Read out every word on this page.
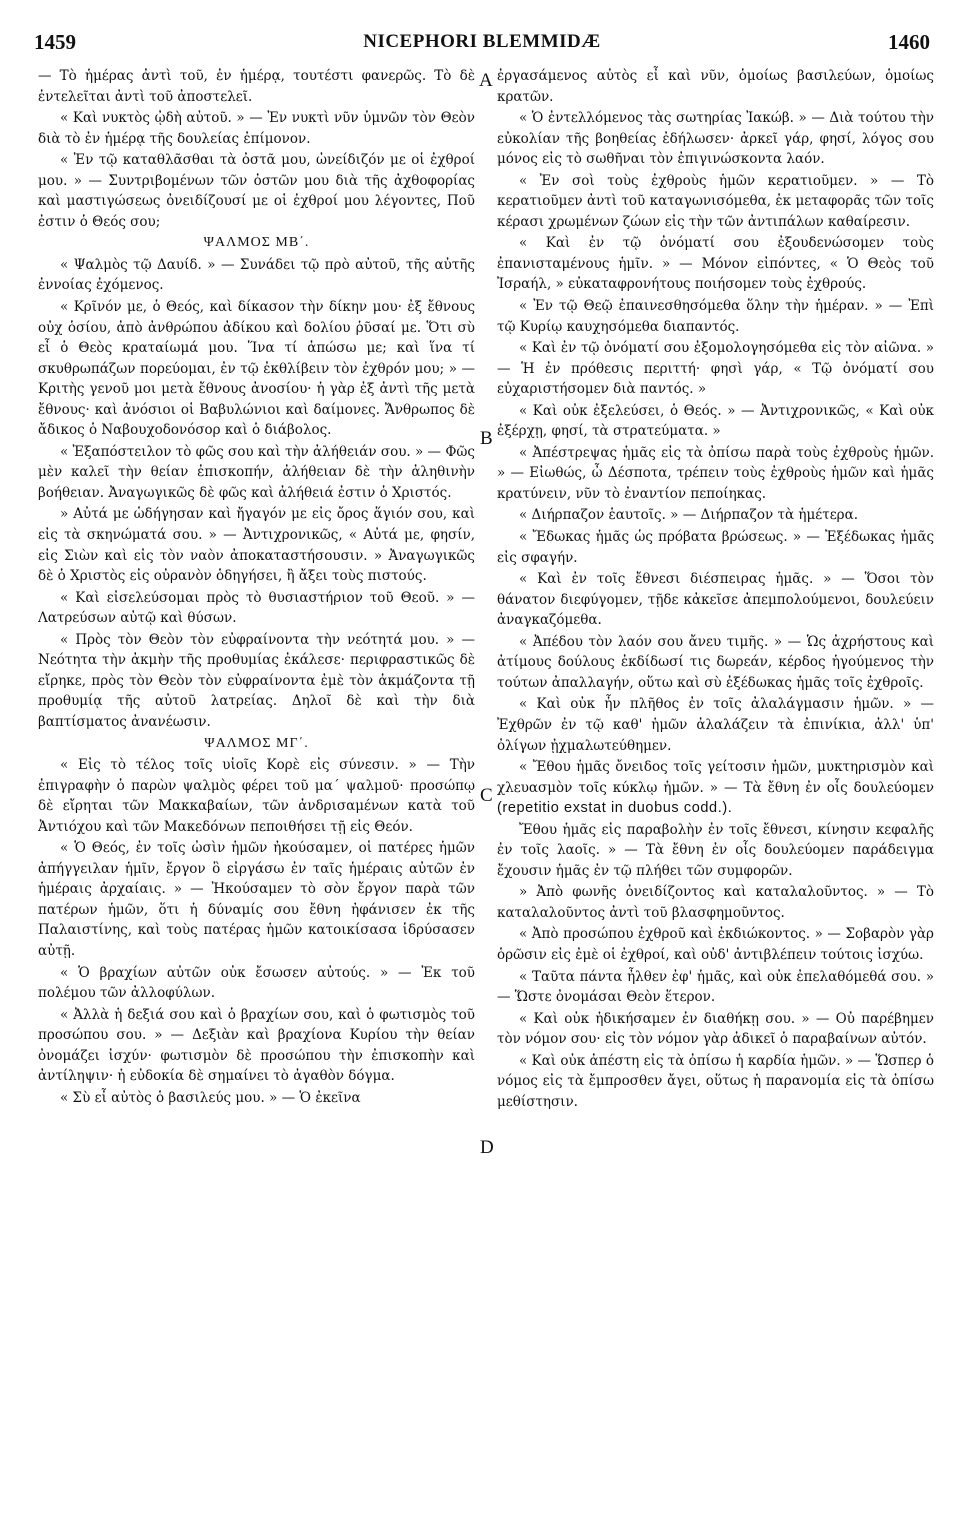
1459	NICEPHORI BLEMMIDÆ	1460

— Τὸ ἡμέρας ἀντὶ τοῦ, ἐν ἡμέρᾳ, τουτέστι φανερῶς. Τὸ δὲ ἐντελεῖται ἀντὶ τοῦ ἀποστελεῖ.

« Καὶ νυκτὸς ᾠδὴ αὐτοῦ. » — Ἐν νυκτὶ νῦν ὑμνῶν τὸν Θεὸν διὰ τὸ ἐν ἡμέρᾳ τῆς δουλείας ἐπίμονον.

« Ἐν τῷ καταθλᾶσθαι τὰ ὀστᾶ μου, ὠνείδιζόν με οἱ ἐχθροί μου. » — Συντριβομένων τῶν ὀστῶν μου διὰ τῆς ἀχθοφορίας καὶ μαστιγώσεως ὀνειδίζουσί με οἱ ἐχθροί μου λέγοντες, Ποῦ ἐστιν ὁ Θεός σου;

ΨΑΛΜΟΣ ΜΒ΄.

« Ψαλμὸς τῷ Δαυίδ. » — Συνάδει τῷ πρὸ αὐτοῦ, τῆς αὐτῆς ἐννοίας ἐχόμενος.

« Κρῖνόν με, ὁ Θεός, καὶ δίκασον τὴν δίκην μου· ἐξ ἔθνους οὐχ ὁσίου, ἀπὸ ἀνθρώπου ἀδίκου καὶ δολίου ῥῦσαί με. Ὅτι σὺ εἶ ὁ Θεὸς κραταίωμά μου. Ἵνα τί ἀπώσω με; καὶ ἵνα τί σκυθρωπάζων πορεύομαι, ἐν τῷ ἐκθλίβειν τὸν ἐχθρόν μου; » — Κριτὴς γενοῦ μοι μετὰ ἔθνους ἀνοσίου· ἡ γὰρ ἐξ ἀντὶ τῆς μετὰ ἔθνους· καὶ ἀνόσιοι οἱ Βαβυλώνιοι καὶ δαίμονες. Ἄνθρωπος δὲ ἄδικος ὁ Ναβουχοδονόσορ καὶ ὁ διάβολος.

« Ἐξαπόστειλον τὸ φῶς σου καὶ τὴν ἀλήθειάν σου. » — Φῶς μὲν καλεῖ τὴν θείαν ἐπισκοπήν, ἀλήθειαν δὲ τὴν ἀληθινὴν βοήθειαν. Ἀναγωγικῶς δὲ φῶς καὶ ἀλήθειά ἐστιν ὁ Χριστός.

» Αὐτά με ὡδήγησαν καὶ ἤγαγόν με εἰς ὄρος ἅγιόν σου, καὶ εἰς τὰ σκηνώματά σου. » — Ἀντιχρονικῶς, « Αὐτά με, φησίν, εἰς Σιὼν καὶ εἰς τὸν ναὸν ἀποκαταστήσουσιν. » Ἀναγωγικῶς δὲ ὁ Χριστὸς εἰς οὐρανὸν ὁδηγήσει, ἢ ἄξει τοὺς πιστούς.

« Καὶ εἰσελεύσομαι πρὸς τὸ θυσιαστήριον τοῦ Θεοῦ. » — Λατρεύσων αὐτῷ καὶ θύσων.

« Πρὸς τὸν Θεὸν τὸν εὐφραίνοντα τὴν νεότητά μου. » — Νεότητα τὴν ἀκμὴν τῆς προθυμίας ἐκάλεσε· περιφραστικῶς δὲ εἴρηκε, πρὸς τὸν Θεὸν τὸν εὐφραίνοντα ἐμὲ τὸν ἀκμάζοντα τῇ προθυμίᾳ τῆς αὐτοῦ λατρείας. Δηλοῖ δὲ καὶ τὴν διὰ βαπτίσματος ἀνανέωσιν.

ΨΑΛΜΟΣ ΜΓ΄.

« Εἰς τὸ τέλος τοῖς υἱοῖς Κορὲ εἰς σύνεσιν. » — Τὴν ἐπιγραφὴν ὁ παρὼν ψαλμὸς φέρει τοῦ μα΄ ψαλμοῦ· προσώπῳ δὲ εἴρηται τῶν Μακκαβαίων, τῶν ἀνδρισαμένων κατὰ τοῦ Ἀντιόχου καὶ τῶν Μακεδόνων πεποιθήσει τῇ εἰς Θεόν.

« Ὁ Θεός, ἐν τοῖς ὠσὶν ἡμῶν ἠκούσαμεν, οἱ πατέρες ἡμῶν ἀπήγγειλαν ἡμῖν, ἔργον ὃ εἰργάσω ἐν ταῖς ἡμέραις αὐτῶν ἐν ἡμέραις ἀρχαίαις. » — Ἠκούσαμεν τὸ σὸν ἔργον παρὰ τῶν πατέρων ἡμῶν, ὅτι ἡ δύναμίς σου ἔθνη ἠφάνισεν ἐκ τῆς Παλαιστίνης, καὶ τοὺς πατέρας ἡμῶν κατοικίσασα ἱδρύσασεν αὐτῇ.

« Ὁ βραχίων αὐτῶν οὐκ ἔσωσεν αὐτούς. » — Ἐκ τοῦ πολέμου τῶν ἀλλοφύλων.

« Ἀλλὰ ἡ δεξιά σου καὶ ὁ βραχίων σου, καὶ ὁ φωτισμὸς τοῦ προσώπου σου. » — Δεξιὰν καὶ βραχίονα Κυρίου τὴν θείαν ὀνομάζει ἰσχύν· φωτισμὸν δὲ προσώπου τὴν ἐπισκοπὴν καὶ ἀντίληψιν· ἡ εὐδοκία δὲ σημαίνει τὸ ἀγαθὸν δόγμα.

« Σὺ εἶ αὐτὸς ὁ βασιλεύς μου. » — Ὁ ἐκεῖνα

ἐργασάμενος αὐτὸς εἶ καὶ νῦν, ὁμοίως βασιλεύων, ὁμοίως κρατῶν.

« Ὁ ἐντελλόμενος τὰς σωτηρίας Ἰακώβ. » — Διὰ τούτου τὴν εὐκολίαν τῆς βοηθείας ἐδήλωσεν· ἀρκεῖ γάρ, φησί, λόγος σου μόνος εἰς τὸ σωθῆναι τὸν ἐπιγινώσκοντα λαόν.

« Ἐν σοὶ τοὺς ἐχθροὺς ἡμῶν κερατιοῦμεν. » — Τὸ κερατιοῦμεν ἀντὶ τοῦ καταγωνισόμεθα, ἐκ μεταφορᾶς τῶν τοῖς κέρασι χρωμένων ζώων εἰς τὴν τῶν ἀντιπάλων καθαίρεσιν.

« Καὶ ἐν τῷ ὀνόματί σου ἐξουδενώσομεν τοὺς ἐπανισταμένους ἡμῖν. » — Μόνον εἰπόντες, « Ὁ Θεὸς τοῦ Ἰσραήλ, » εὐκαταφρονήτους ποιήσομεν τοὺς ἐχθρούς.

« Ἐν τῷ Θεῷ ἐπαινεσθησόμεθα ὅλην τὴν ἡμέραν. » — Ἐπὶ τῷ Κυρίῳ καυχησόμεθα διαπαντός.

« Καὶ ἐν τῷ ὀνόματί σου ἐξομολογησόμεθα εἰς τὸν αἰῶνα. » — Ἡ ἐν πρόθεσις περιττή· φησὶ γάρ, « Τῷ ὀνόματί σου εὐχαριστήσομεν διὰ παντός. »

« Καὶ οὐκ ἐξελεύσει, ὁ Θεός. » — Ἀντιχρονικῶς, « Καὶ οὐκ ἐξέρχῃ, φησί, τὰ στρατεύματα. »

« Ἀπέστρεψας ἡμᾶς εἰς τὰ ὀπίσω παρὰ τοὺς ἐχθροὺς ἡμῶν. » — Εἰωθώς, ὦ Δέσποτα, τρέπειν τοὺς ἐχθροὺς ἡμῶν καὶ ἡμᾶς κρατύνειν, νῦν τὸ ἐναντίον πεποίηκας.

« Διήρπαζον ἑαυτοῖς. » — Διήρπαζον τὰ ἡμέτερα.

« Ἔδωκας ἡμᾶς ὡς πρόβατα βρώσεως. » — Ἐξέδωκας ἡμᾶς εἰς σφαγήν.

« Καὶ ἐν τοῖς ἔθνεσι διέσπειρας ἡμᾶς. » — Ὅσοι τὸν θάνατον διεφύγομεν, τῇδε κἀκεῖσε ἀπεμπολούμενοι, δουλεύειν ἀναγκαζόμεθα.

« Ἀπέδου τὸν λαόν σου ἄνευ τιμῆς. » — Ὡς ἀχρήστους καὶ ἀτίμους δούλους ἐκδίδωσί τις δωρεάν, κέρδος ἡγούμενος τὴν τούτων ἀπαλλαγήν, οὕτω καὶ σὺ ἐξέδωκας ἡμᾶς τοῖς ἐχθροῖς.

« Καὶ οὐκ ἦν πλῆθος ἐν τοῖς ἀλαλάγμασιν ἡμῶν. » — Ἐχθρῶν ἐν τῷ καθ' ἡμῶν ἀλαλάζειν τὰ ἐπινίκια, ἀλλ' ὑπ' ὀλίγων ᾐχμαλωτεύθημεν.

« Ἔθου ἡμᾶς ὄνειδος τοῖς γείτοσιν ἡμῶν, μυκτηρισμὸν καὶ χλευασμὸν τοῖς κύκλῳ ἡμῶν. » — Τὰ ἔθνη ἐν οἷς δουλεύομεν (repetitio exstat in duobus codd.).

Ἔθου ἡμᾶς εἰς παραβολὴν ἐν τοῖς ἔθνεσι, κίνησιν κεφαλῆς ἐν τοῖς λαοῖς. » — Τὰ ἔθνη ἐν οἷς δουλεύομεν παράδειγμα ἔχουσιν ἡμᾶς ἐν τῷ πλήθει τῶν συμφορῶν.

» Ἀπὸ φωνῆς ὀνειδίζοντος καὶ καταλαλοῦντος. » — Τὸ καταλαλοῦντος ἀντὶ τοῦ βλασφημοῦντος.

« Ἀπὸ προσώπου ἐχθροῦ καὶ ἐκδιώκοντος. » — Σοβαρὸν γὰρ ὁρῶσιν εἰς ἐμὲ οἱ ἐχθροί, καὶ οὐδ' ἀντιβλέπειν τούτοις ἰσχύω.

« Ταῦτα πάντα ἦλθεν ἐφ' ἡμᾶς, καὶ οὐκ ἐπελαθόμεθά σου. » — Ὥστε ὀνομάσαι Θεὸν ἕτερον.

« Καὶ οὐκ ἠδικήσαμεν ἐν διαθήκῃ σου. » — Οὐ παρέβημεν τὸν νόμον σου· εἰς τὸν νόμον γὰρ ἀδικεῖ ὁ παραβαίνων αὐτόν.

« Καὶ οὐκ ἀπέστη εἰς τὰ ὀπίσω ἡ καρδία ἡμῶν. » — Ὥσπερ ὁ νόμος εἰς τὰ ἔμπροσθεν ἄγει, οὕτως ἡ παρανομία εἰς τὰ ὀπίσω μεθίστησιν.

A
B
C
D
